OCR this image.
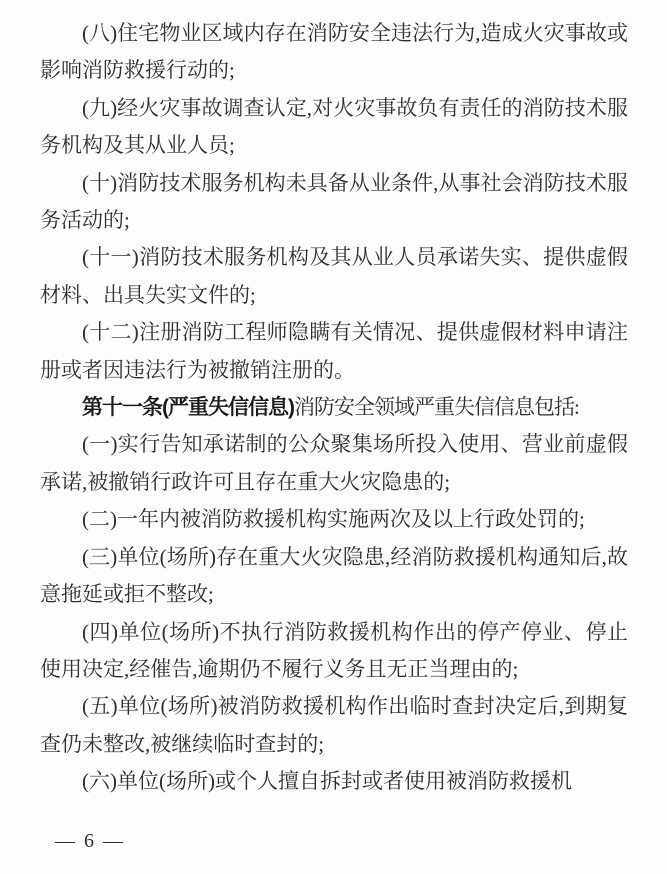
(八)住宅物业区域内存在消防安全违法行为,造成火灾事故或影响消防救援行动的;

(九)经火灾事故调查认定,对火灾事故负有责任的消防技术服务机构及其从业人员;

(十)消防技术服务机构未具备从业条件,从事社会消防技术服务活动的;

(十一)消防技术服务机构及其从业人员承诺失实、提供虚假材料、出具失实文件的;

(十二)注册消防工程师隐瞒有关情况、提供虚假材料申请注册或者因违法行为被撤销注册的。

第十一条(严重失信信息)消防安全领域严重失信信息包括:

(一)实行告知承诺制的公众聚集场所投入使用、营业前虚假承诺,被撤销行政许可且存在重大火灾隐患的;

(二)一年内被消防救援机构实施两次及以上行政处罚的;

(三)单位(场所)存在重大火灾隐患,经消防救援机构通知后,故意拖延或拒不整改;

(四)单位(场所)不执行消防救援机构作出的停产停业、停止使用决定,经催告,逾期仍不履行义务且无正当理由的;

(五)单位(场所)被消防救援机构作出临时查封决定后,到期复查仍未整改,被继续临时查封的;

(六)单位(场所)或个人擅自拆封或者使用被消防救援机

— 6 —
